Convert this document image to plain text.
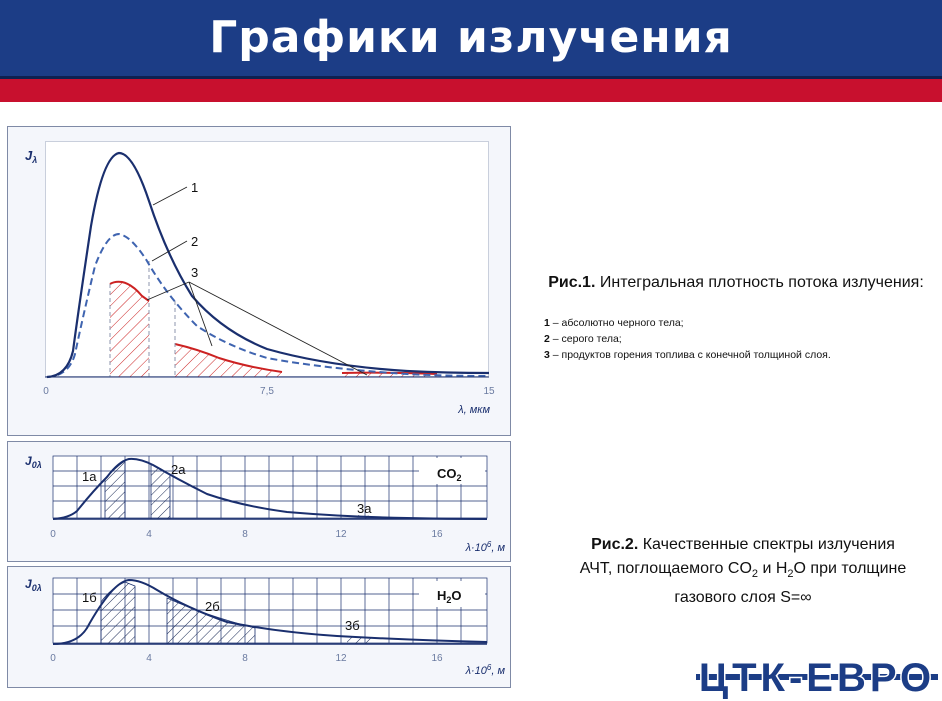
Графики излучения
1
2
3
$J_\lambda$
0	7,5	15
λ, мкм
$J_{0\lambda}$
1а	2а
3а
$CO_2$
0	4	8	12	16
$\lambda\cdot 10^6$, м
$J_{0\lambda}$
1б
2б
3б
$H_2O$
0	4	8	12	16
$\lambda\cdot 10^6$, м
Рис.1. Интегральная плотность потока излучения:
1 – абсолютно черного тела;
2 – серого тела;
3 – продуктов горения топлива с конечной толщиной слоя.
Рис.2. Качественные спектры излучения
АЧТ, поглощаемого $CO_2$ и $H_2O$ при толщине
газового слоя S=∞
ЦТК-ЕВРО
